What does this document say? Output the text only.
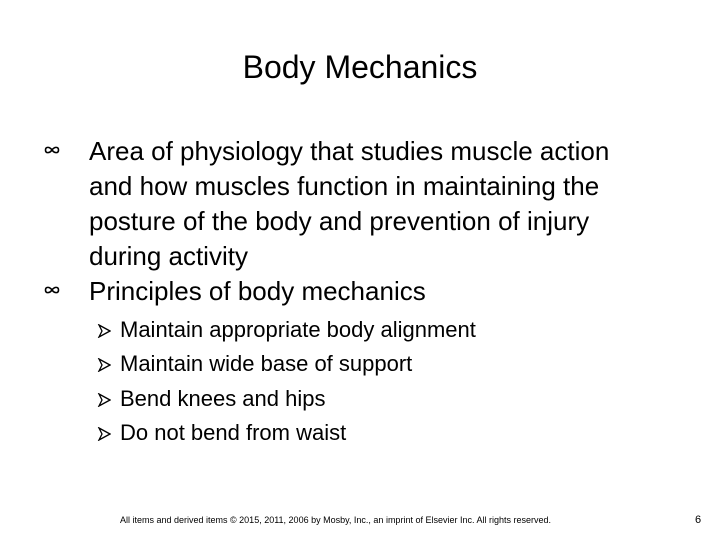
Body Mechanics
Area of physiology that studies muscle action
and how muscles function in maintaining the
posture of the body and prevention of injury
during activity
Principles of body mechanics
Maintain appropriate body alignment
Maintain wide base of support
Bend knees and hips
Do not bend from waist
All items and derived items © 2015, 2011, 2006 by Mosby, Inc., an imprint of Elsevier Inc. All rights reserved.	6
